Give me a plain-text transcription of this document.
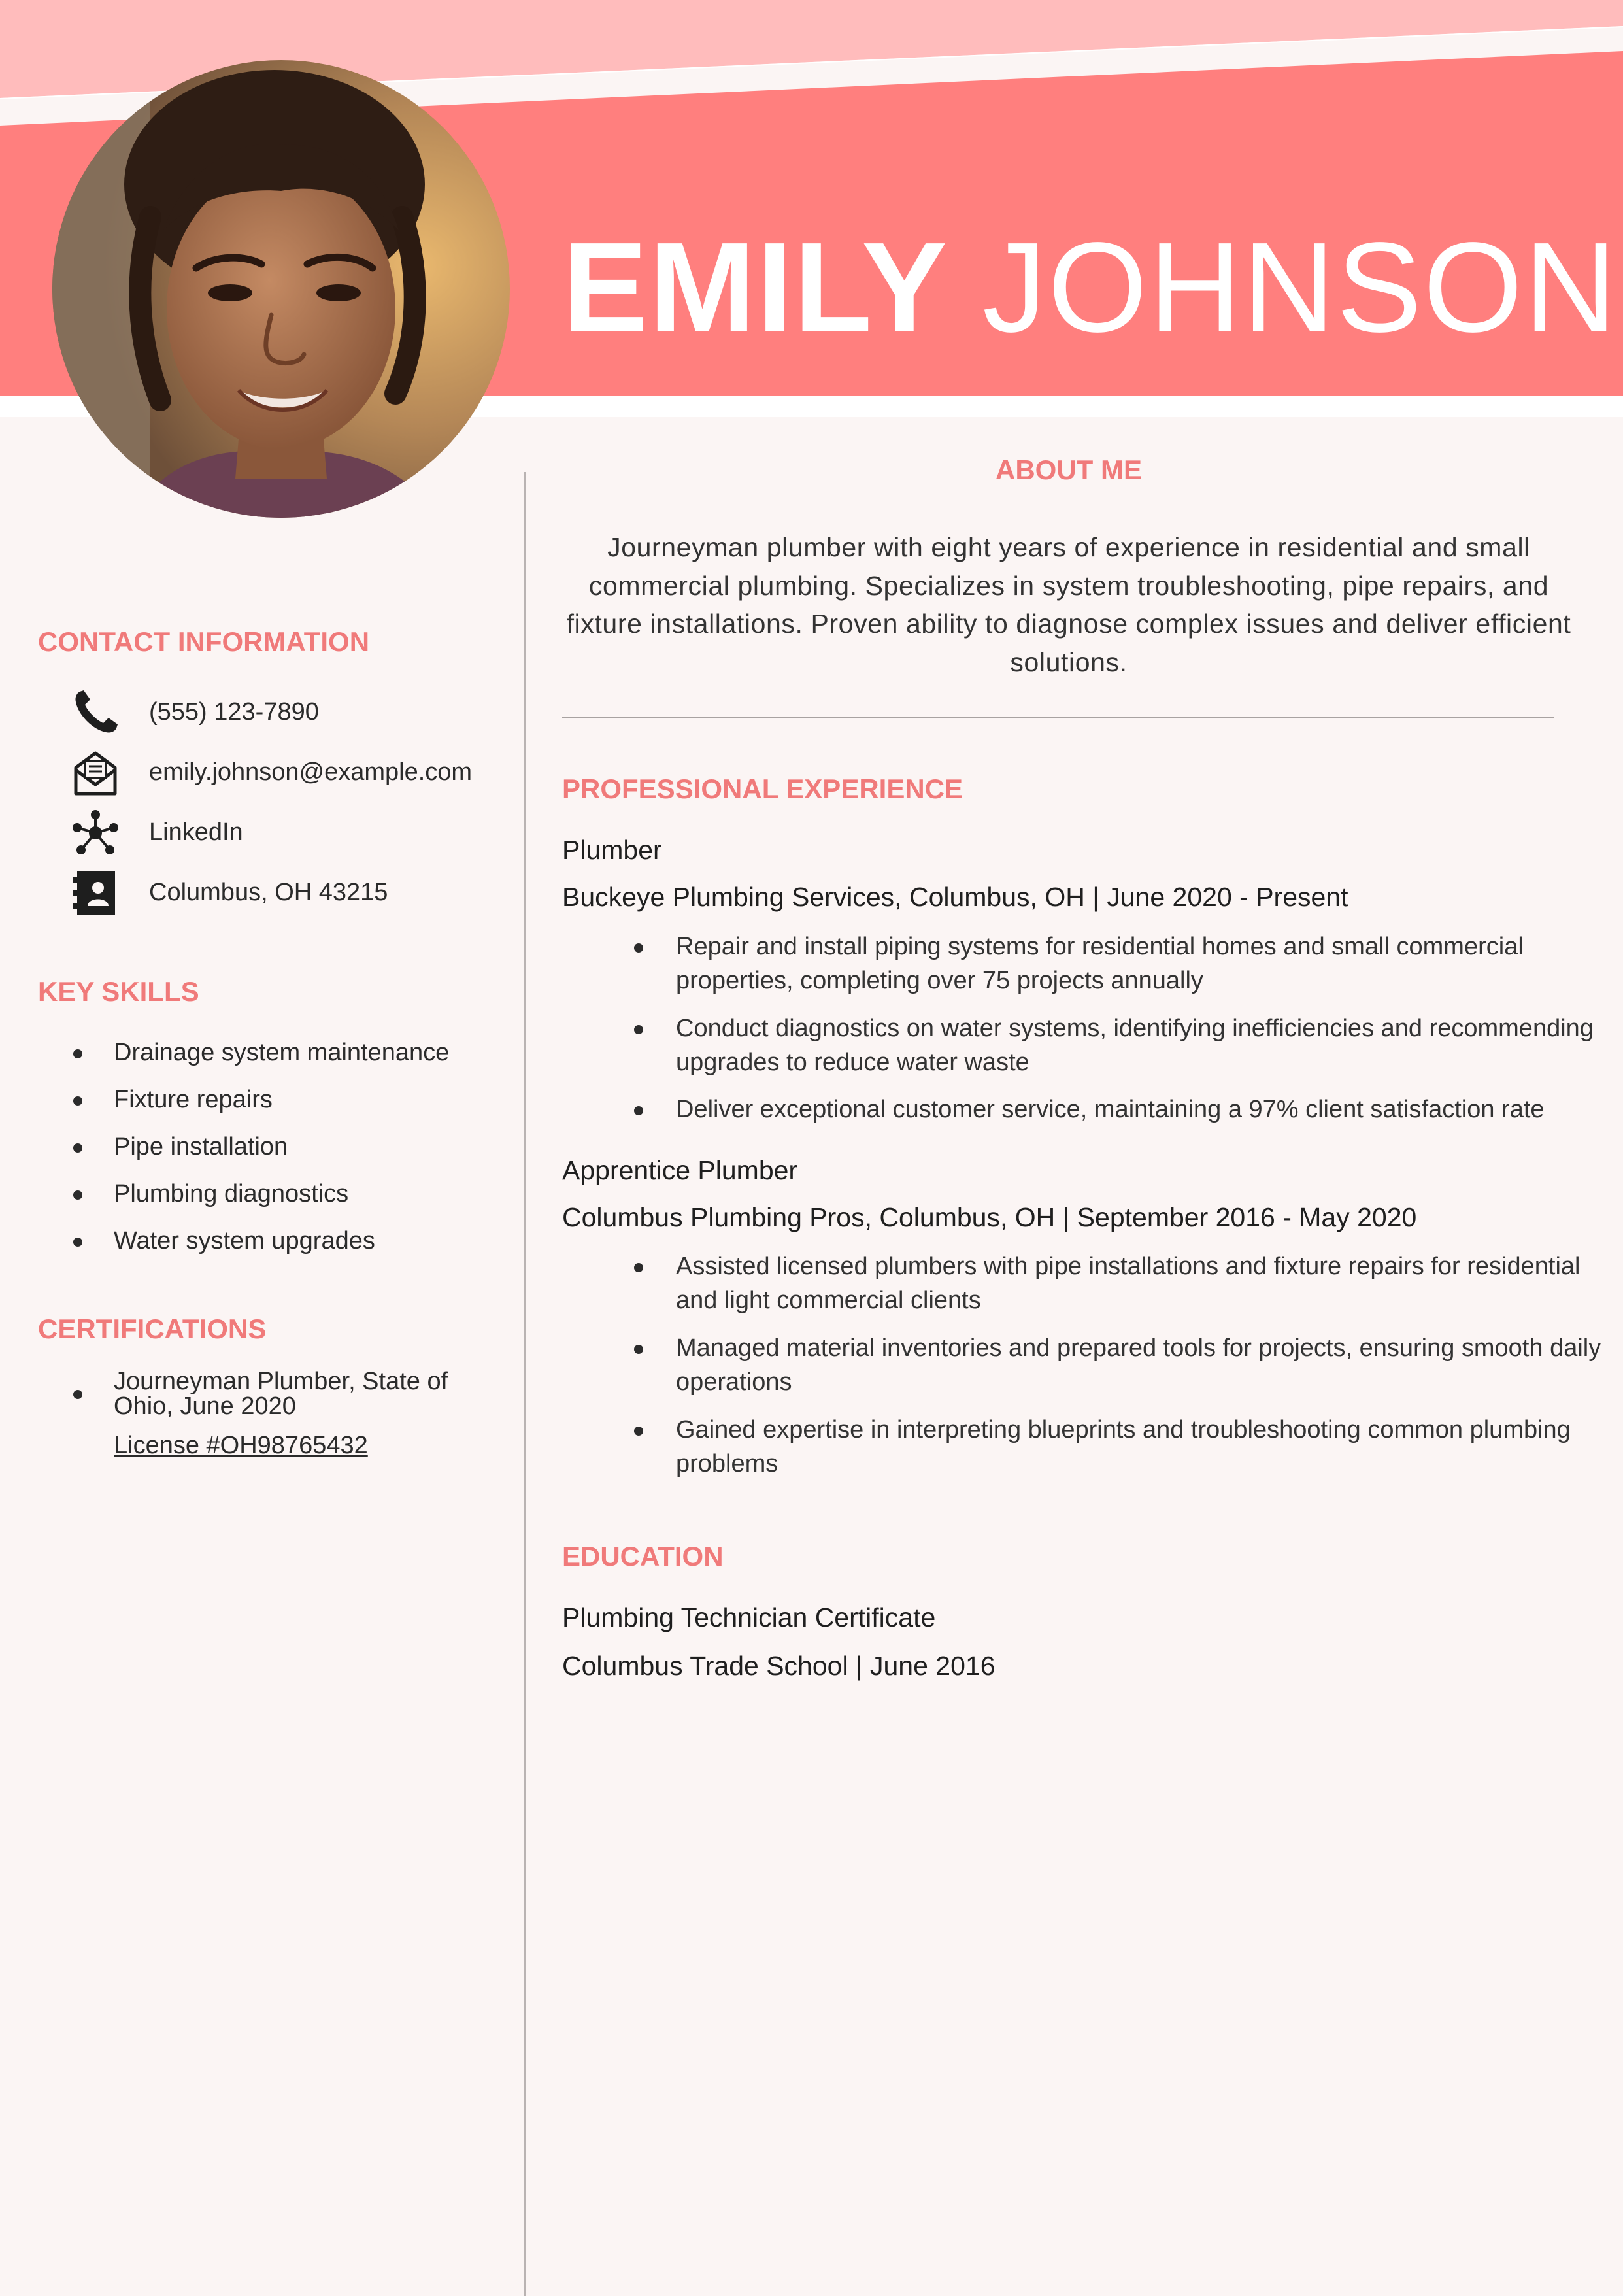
EMILY JOHNSON
CONTACT INFORMATION
(555) 123-7890
emily.johnson@example.com
LinkedIn
Columbus, OH 43215
KEY SKILLS
Drainage system maintenance
Fixture repairs
Pipe installation
Plumbing diagnostics
Water system upgrades
CERTIFICATIONS
Journeyman Plumber, State of
Ohio, June 2020
License #OH98765432
ABOUT ME
Journeyman plumber with eight years of experience in residential and small commercial plumbing. Specializes in system troubleshooting, pipe repairs, and fixture installations. Proven ability to diagnose complex issues and deliver efficient solutions.
PROFESSIONAL EXPERIENCE
Plumber
Buckeye Plumbing Services, Columbus, OH | June 2020 - Present
Repair and install piping systems for residential homes and small commercial properties, completing over 75 projects annually
Conduct diagnostics on water systems, identifying inefficiencies and recommending upgrades to reduce water waste
Deliver exceptional customer service, maintaining a 97% client satisfaction rate
Apprentice Plumber
Columbus Plumbing Pros, Columbus, OH | September 2016 - May 2020
Assisted licensed plumbers with pipe installations and fixture repairs for residential and light commercial clients
Managed material inventories and prepared tools for projects, ensuring smooth daily operations
Gained expertise in interpreting blueprints and troubleshooting common plumbing problems
EDUCATION
Plumbing Technician Certificate
Columbus Trade School | June 2016
